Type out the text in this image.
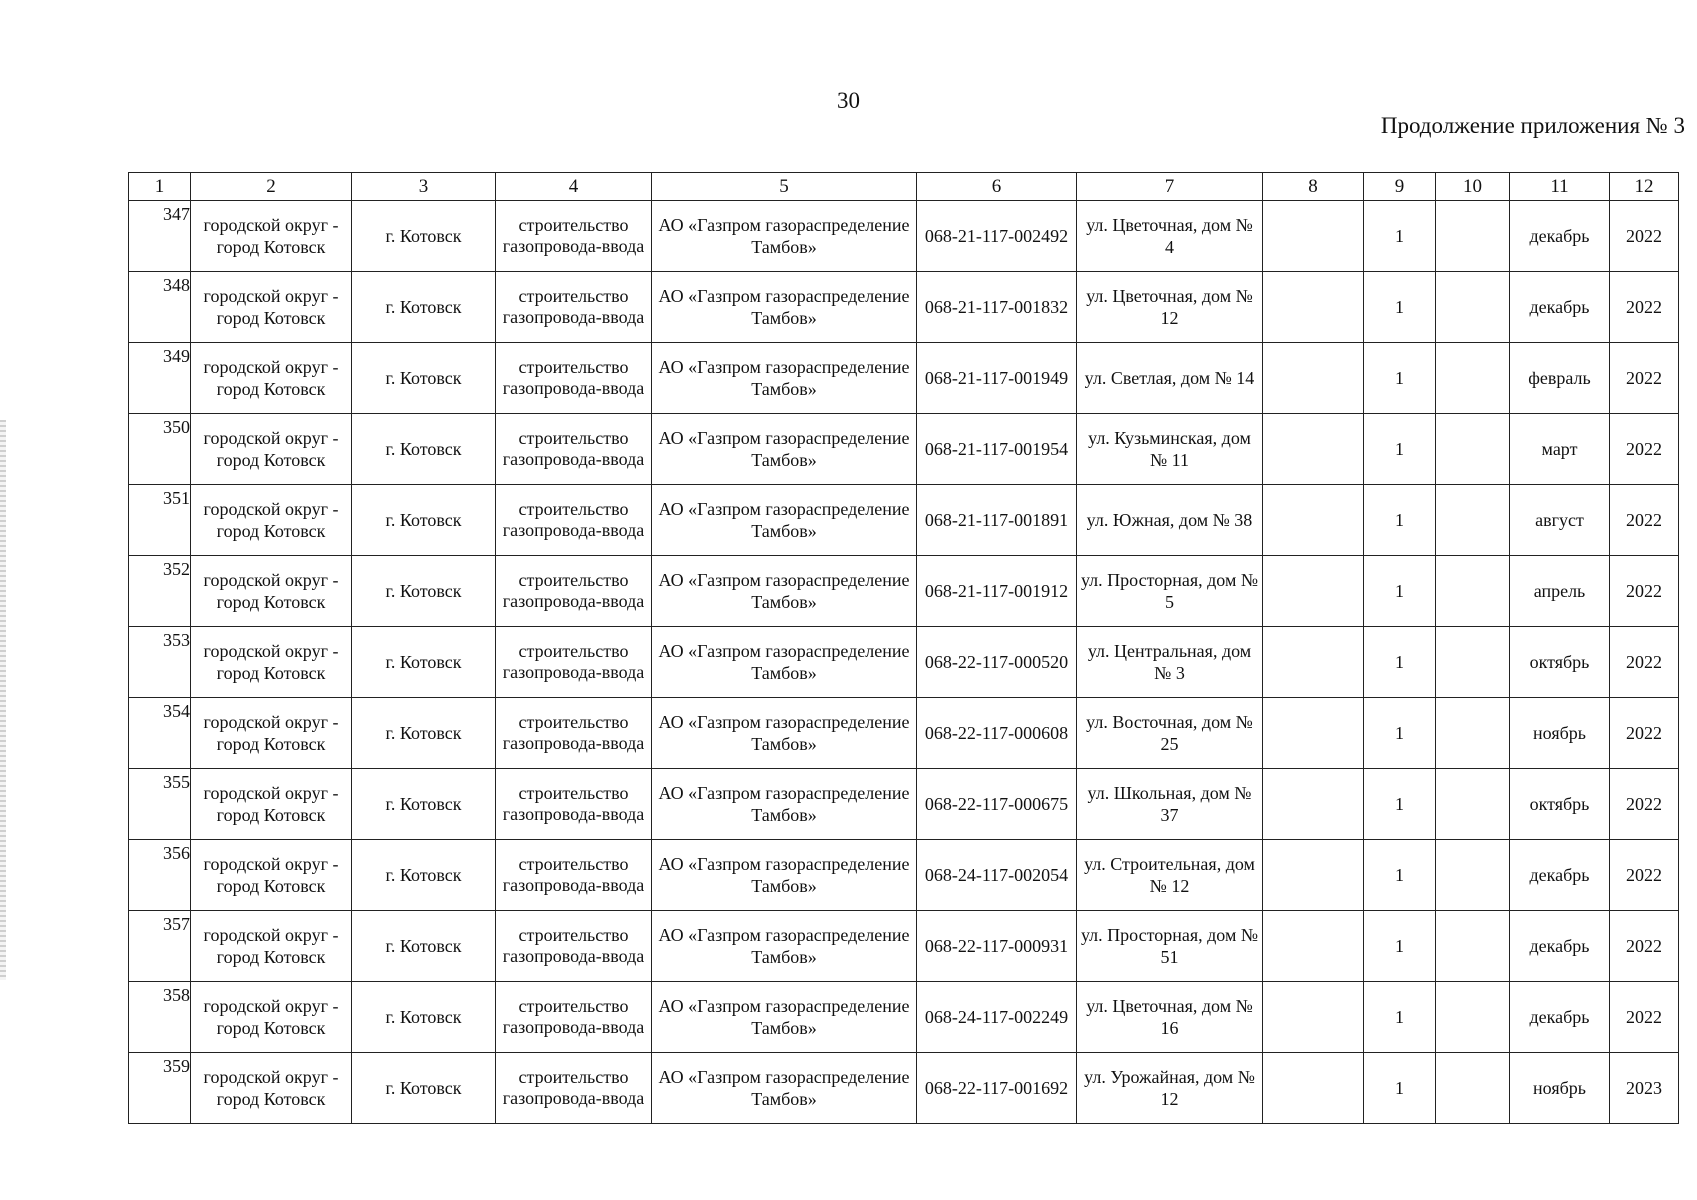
30
Продолжение приложения № 3
1	2	3	4	5	6	7	8	9	10	11	12
347	городской округ - город Котовск	г. Котовск	строительство газопровода-ввода	АО «Газпром газораспределение Тамбов»	068-21-117-002492	ул. Цветочная, дом № 4		1		декабрь	2022
348	городской округ - город Котовск	г. Котовск	строительство газопровода-ввода	АО «Газпром газораспределение Тамбов»	068-21-117-001832	ул. Цветочная, дом № 12		1		декабрь	2022
349	городской округ - город Котовск	г. Котовск	строительство газопровода-ввода	АО «Газпром газораспределение Тамбов»	068-21-117-001949	ул. Светлая, дом № 14		1		февраль	2022
350	городской округ - город Котовск	г. Котовск	строительство газопровода-ввода	АО «Газпром газораспределение Тамбов»	068-21-117-001954	ул. Кузьминская, дом № 11		1		март	2022
351	городской округ - город Котовск	г. Котовск	строительство газопровода-ввода	АО «Газпром газораспределение Тамбов»	068-21-117-001891	ул. Южная, дом № 38		1		август	2022
352	городской округ - город Котовск	г. Котовск	строительство газопровода-ввода	АО «Газпром газораспределение Тамбов»	068-21-117-001912	ул. Просторная, дом № 5		1		апрель	2022
353	городской округ - город Котовск	г. Котовск	строительство газопровода-ввода	АО «Газпром газораспределение Тамбов»	068-22-117-000520	ул. Центральная, дом № 3		1		октябрь	2022
354	городской округ - город Котовск	г. Котовск	строительство газопровода-ввода	АО «Газпром газораспределение Тамбов»	068-22-117-000608	ул. Восточная, дом № 25		1		ноябрь	2022
355	городской округ - город Котовск	г. Котовск	строительство газопровода-ввода	АО «Газпром газораспределение Тамбов»	068-22-117-000675	ул. Школьная, дом № 37		1		октябрь	2022
356	городской округ - город Котовск	г. Котовск	строительство газопровода-ввода	АО «Газпром газораспределение Тамбов»	068-24-117-002054	ул. Строительная, дом № 12		1		декабрь	2022
357	городской округ - город Котовск	г. Котовск	строительство газопровода-ввода	АО «Газпром газораспределение Тамбов»	068-22-117-000931	ул. Просторная, дом № 51		1		декабрь	2022
358	городской округ - город Котовск	г. Котовск	строительство газопровода-ввода	АО «Газпром газораспределение Тамбов»	068-24-117-002249	ул. Цветочная, дом № 16		1		декабрь	2022
359	городской округ - город Котовск	г. Котовск	строительство газопровода-ввода	АО «Газпром газораспределение Тамбов»	068-22-117-001692	ул. Урожайная, дом № 12		1		ноябрь	2023
